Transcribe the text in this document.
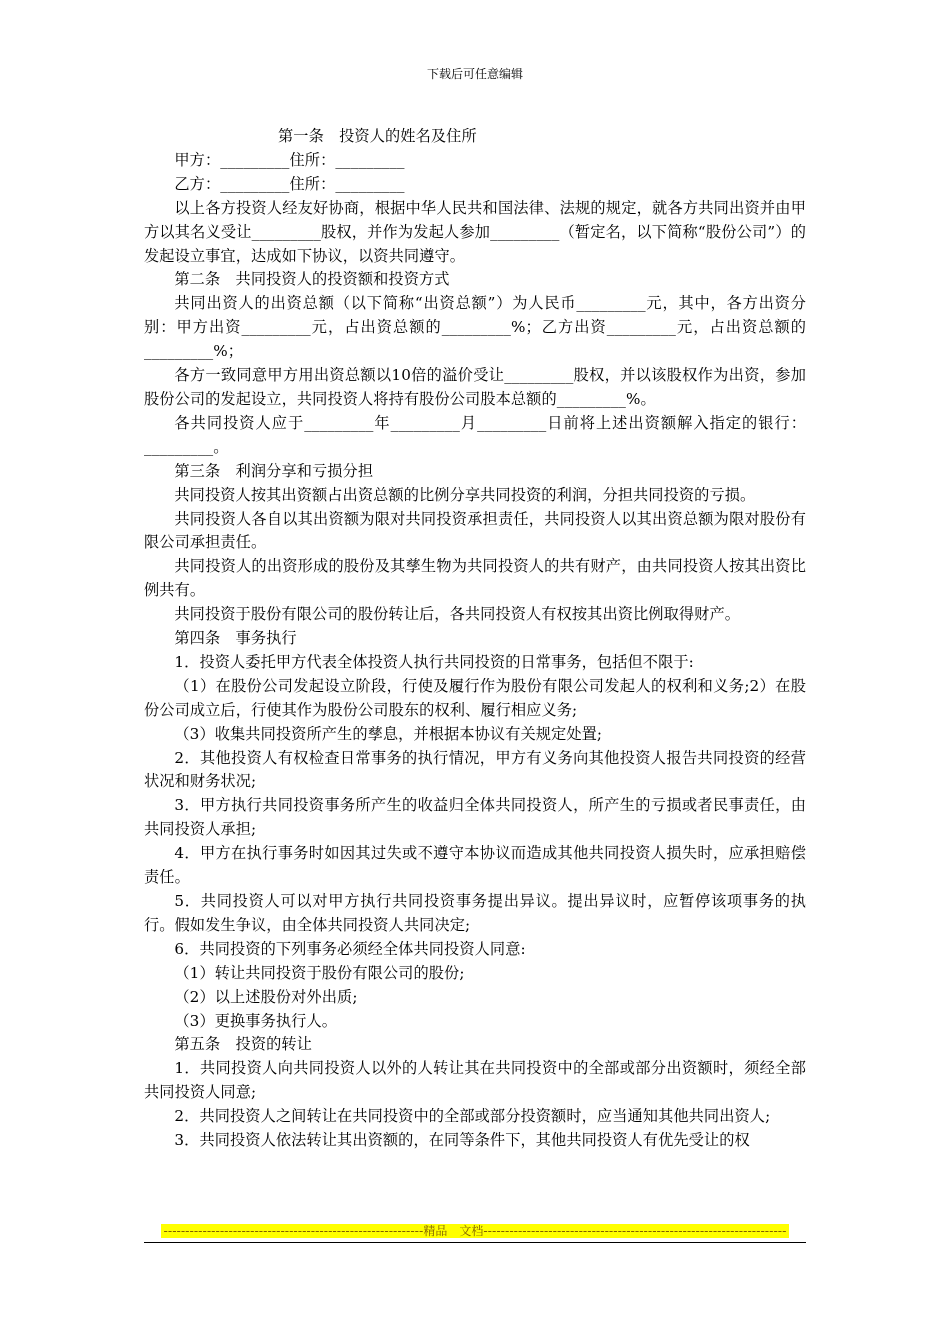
下载后可任意编辑

第一条　投资人的姓名及住所

甲方：_________住所：_________

乙方：_________住所：_________

以上各方投资人经友好协商，根据中华人民共和国法律、法规的规定，就各方共同出资并由甲方以其名义受让_________股权，并作为发起人参加_________（暂定名，以下简称“股份公司”）的发起设立事宜，达成如下协议，以资共同遵守。

第二条　共同投资人的投资额和投资方式

共同出资人的出资总额（以下简称“出资总额”）为人民币_________元，其中，各方出资分别：甲方出资_________元，占出资总额的_________%；乙方出资_________元，占出资总额的_________%；

各方一致同意甲方用出资总额以10倍的溢价受让_________股权，并以该股权作为出资，参加股份公司的发起设立，共同投资人将持有股份公司股本总额的_________%。

各共同投资人应于_________年_________月_________日前将上述出资额解入指定的银行：_________。

第三条　利润分享和亏损分担

共同投资人按其出资额占出资总额的比例分享共同投资的利润，分担共同投资的亏损。

共同投资人各自以其出资额为限对共同投资承担责任，共同投资人以其出资总额为限对股份有限公司承担责任。

共同投资人的出资形成的股份及其孳生物为共同投资人的共有财产，由共同投资人按其出资比例共有。

共同投资于股份有限公司的股份转让后，各共同投资人有权按其出资比例取得财产。

第四条　事务执行

1．投资人委托甲方代表全体投资人执行共同投资的日常事务，包括但不限于:

（1）在股份公司发起设立阶段，行使及履行作为股份有限公司发起人的权利和义务;2）在股份公司成立后，行使其作为股份公司股东的权利、履行相应义务;

（3）收集共同投资所产生的孳息，并根据本协议有关规定处置;

2．其他投资人有权检查日常事务的执行情况，甲方有义务向其他投资人报告共同投资的经营状况和财务状况;

3．甲方执行共同投资事务所产生的收益归全体共同投资人，所产生的亏损或者民事责任，由共同投资人承担;

4．甲方在执行事务时如因其过失或不遵守本协议而造成其他共同投资人损失时，应承担赔偿责任。

5．共同投资人可以对甲方执行共同投资事务提出异议。提出异议时，应暂停该项事务的执行。假如发生争议，由全体共同投资人共同决定;

6．共同投资的下列事务必须经全体共同投资人同意:

（1）转让共同投资于股份有限公司的股份;

（2）以上述股份对外出质;

（3）更换事务执行人。

第五条　投资的转让

1．共同投资人向共同投资人以外的人转让其在共同投资中的全部或部分出资额时，须经全部共同投资人同意;

2．共同投资人之间转让在共同投资中的全部或部分投资额时，应当通知其他共同出资人;

3．共同投资人依法转让其出资额的，在同等条件下，其他共同投资人有优先受让的权

------------------------------------------------------------精品　文档----------------------------------------------------------------------
